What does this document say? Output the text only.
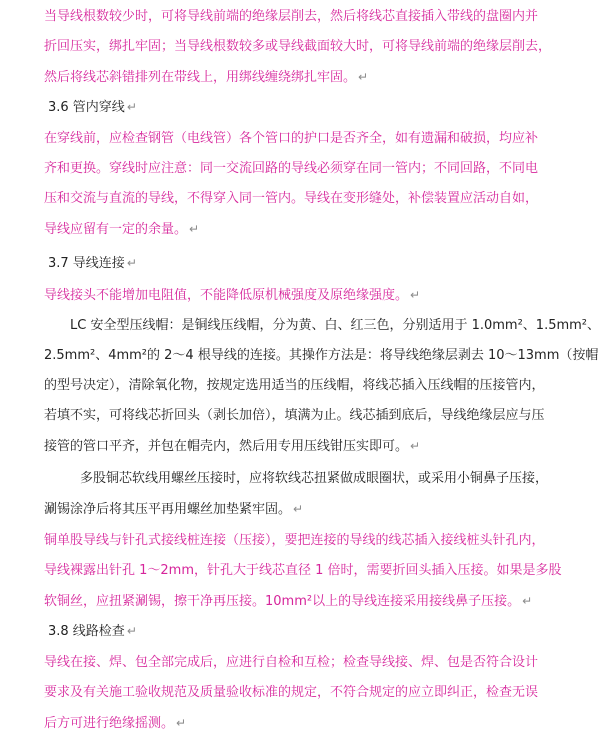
当导线根数较少时，可将导线前端的绝缘层削去，然后将线芯直接插入带线的盘圈内并
折回压实，绑扎牢固；当导线根数较多或导线截面较大时，可将导线前端的绝缘层削去，
然后将线芯斜错排列在带线上，用绑线缠绕绑扎牢固。 ↵
3.6 管内穿线 ↵
在穿线前，应检查钢管（电线管）各个管口的护口是否齐全，如有遗漏和破损，均应补
齐和更换。穿线时应注意：同一交流回路的导线必须穿在同一管内；不同回路，不同电
压和交流与直流的导线，不得穿入同一管内。导线在变形缝处，补偿装置应活动自如，
导线应留有一定的余量。 ↵
3.7 导线连接 ↵
导线接头不能增加电阻值，不能降低原机械强度及原绝缘强度。 ↵
LC 安全型压线帽：是铜线压线帽，分为黄、白、红三色，分别适用于 1.0mm²、1.5mm²、
2.5mm²、4mm²的 2～4 根导线的连接。其操作方法是：将导线绝缘层剥去 10～13mm（按帽
的型号决定），清除氧化物，按规定选用适当的压线帽，将线芯插入压线帽的压接管内，
若填不实，可将线芯折回头（剥长加倍），填满为止。线芯插到底后，导线绝缘层应与压
接管的管口平齐，并包在帽壳内，然后用专用压线钳压实即可。 ↵
多股铜芯软线用螺丝压接时，应将软线芯扭紧做成眼圈状，或采用小铜鼻子压接，
涮锡涂净后将其压平再用螺丝加垫紧牢固。 ↵
铜单股导线与针孔式接线桩连接（压接），要把连接的导线的线芯插入接线桩头针孔内，
导线裸露出针孔 1～2mm，针孔大于线芯直径 1 倍时，需要折回头插入压接。如果是多股
软铜丝，应扭紧涮锡，擦干净再压接。10mm²以上的导线连接采用接线鼻子压接。 ↵
3.8 线路检查 ↵
导线在接、焊、包全部完成后，应进行自检和互检；检查导线接、焊、包是否符合设计
要求及有关施工验收规范及质量验收标准的规定，不符合规定的应立即纠正，检查无误
后方可进行绝缘摇测。 ↵
